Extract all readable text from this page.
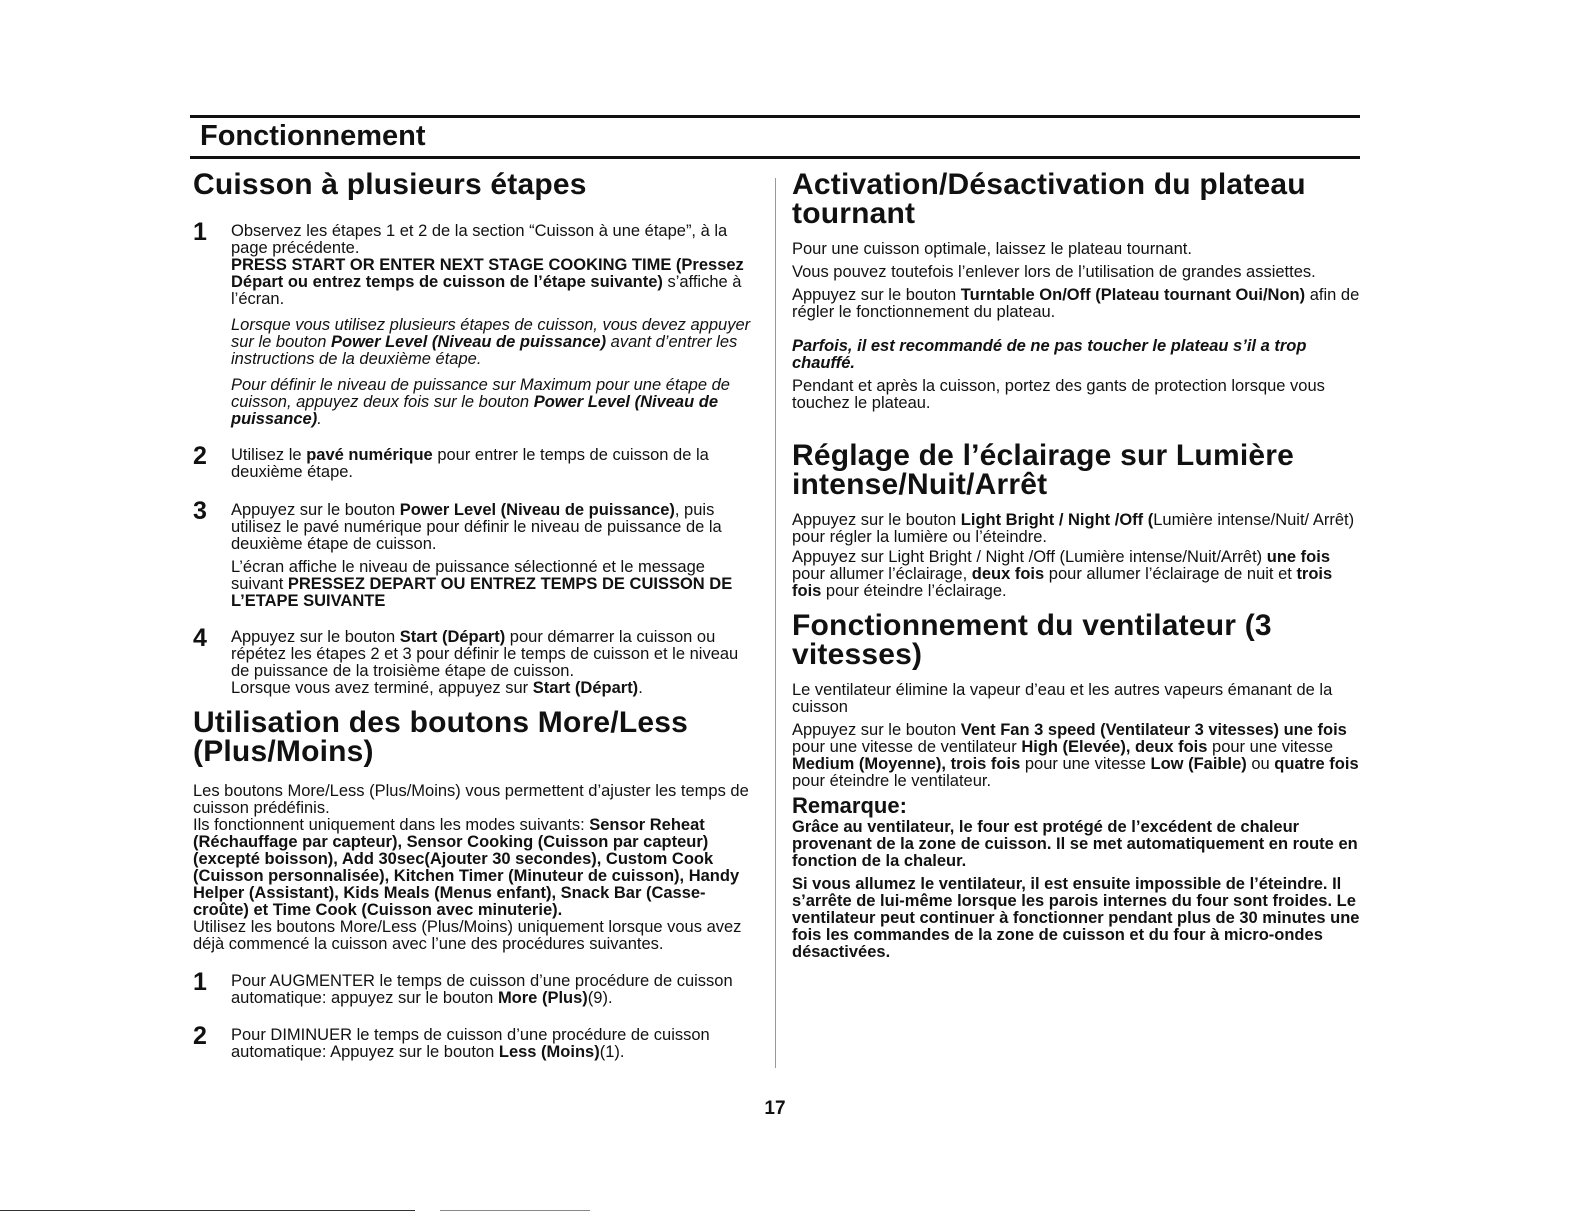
Fonctionnement
Cuisson à plusieurs étapes
1 Observez les étapes 1 et 2 de la section “Cuisson à une étape”, à la page précédente.

PRESS START OR ENTER NEXT STAGE COOKING TIME (Pressez Départ ou entrez temps de cuisson de l’étape suivante) s’affiche à l’écran.

Lorsque vous utilisez plusieurs étapes de cuisson, vous devez appuyer sur le bouton Power Level (Niveau de puissance) avant d’entrer les instructions de la deuxième étape.

Pour définir le niveau de puissance sur Maximum pour une étape de cuisson, appuyez deux fois sur le bouton Power Level (Niveau de puissance).

2 Utilisez le pavé numérique pour entrer le temps de cuisson de la deuxième étape.

3 Appuyez sur le bouton Power Level (Niveau de puissance), puis utilisez le pavé numérique pour définir le niveau de puissance de la deuxième étape de cuisson.

L’écran affiche le niveau de puissance sélectionné et le message suivant PRESSEZ DEPART OU ENTREZ TEMPS DE CUISSON DE L’ETAPE SUIVANTE

4 Appuyez sur le bouton Start (Départ) pour démarrer la cuisson ou répétez les étapes 2 et 3 pour définir le temps de cuisson et le niveau de puissance de la troisième étape de cuisson.

Lorsque vous avez terminé, appuyez sur Start (Départ).

Utilisation des boutons More/Less (Plus/Moins)

Les boutons More/Less (Plus/Moins) vous permettent d’ajuster les temps de cuisson prédéfinis.

Ils fonctionnent uniquement dans les modes suivants: Sensor Reheat (Réchauffage par capteur), Sensor Cooking (Cuisson par capteur)(excepté boisson), Add 30sec(Ajouter 30 secondes), Custom Cook (Cuisson personnalisée), Kitchen Timer (Minuteur de cuisson), Handy Helper (Assistant), Kids Meals (Menus enfant), Snack Bar (Casse-croûte) et Time Cook (Cuisson avec minuterie).

Utilisez les boutons More/Less (Plus/Moins) uniquement lorsque vous avez déjà commencé la cuisson avec l’une des procédures suivantes.

1 Pour AUGMENTER le temps de cuisson d’une procédure de cuisson automatique: appuyez sur le bouton More (Plus)(9).

2 Pour DIMINUER le temps de cuisson d’une procédure de cuisson automatique: Appuyez sur le bouton Less (Moins)(1).

Activation/Désactivation du plateau tournant

Pour une cuisson optimale, laissez le plateau tournant.

Vous pouvez toutefois l’enlever lors de l’utilisation de grandes assiettes.

Appuyez sur le bouton Turntable On/Off (Plateau tournant Oui/Non) afin de régler le fonctionnement du plateau.

Parfois, il est recommandé de ne pas toucher le plateau s’il a trop chauffé.

Pendant et après la cuisson, portez des gants de protection lorsque vous touchez le plateau.

Réglage de l’éclairage sur Lumière intense/Nuit/Arrêt

Appuyez sur le bouton Light Bright / Night /Off (Lumière intense/Nuit/ Arrêt) pour régler la lumière ou l’éteindre.

Appuyez sur Light Bright / Night /Off (Lumière intense/Nuit/Arrêt) une fois pour allumer l’éclairage, deux fois pour allumer l’éclairage de nuit et trois fois pour éteindre l’éclairage.

Fonctionnement du ventilateur (3 vitesses)

Le ventilateur élimine la vapeur d’eau et les autres vapeurs émanant de la cuisson

Appuyez sur le bouton Vent Fan 3 speed (Ventilateur 3 vitesses) une fois pour une vitesse de ventilateur High (Elevée), deux fois pour une vitesse Medium (Moyenne), trois fois pour une vitesse Low (Faible) ou quatre fois pour éteindre le ventilateur.

Remarque:

Grâce au ventilateur, le four est protégé de l’excédent de chaleur provenant de la zone de cuisson. Il se met automatiquement en route en fonction de la chaleur.

Si vous allumez le ventilateur, il est ensuite impossible de l’éteindre. Il s’arrête de lui-même lorsque les parois internes du four sont froides. Le ventilateur peut continuer à fonctionner pendant plus de 30 minutes une fois les commandes de la zone de cuisson et du four à micro-ondes désactivées.

17
